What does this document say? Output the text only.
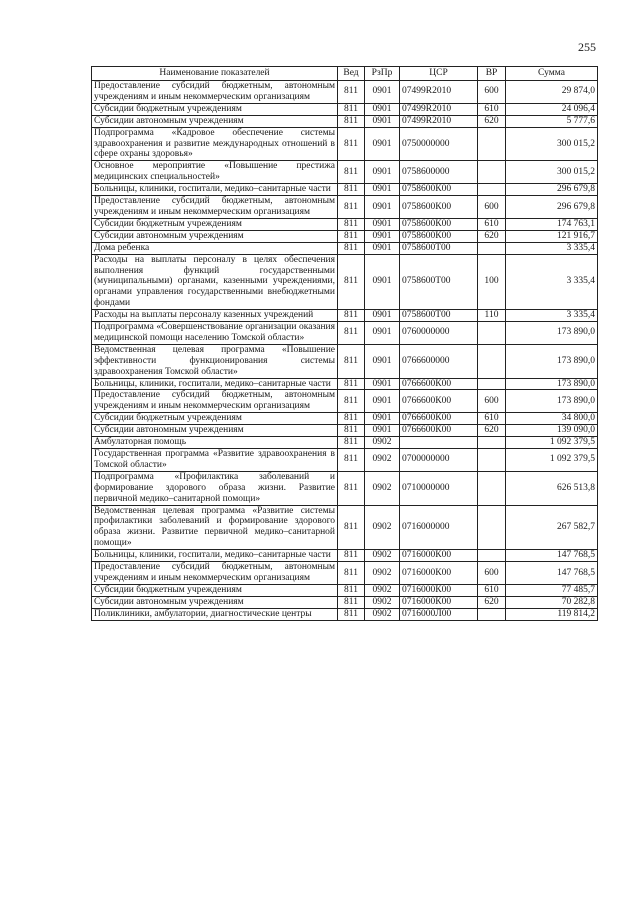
255
Наименование показателей	Вед	РзПр	ЦСР	ВР	Сумма
Предоставление субсидий бюджетным, автономным учреждениям и иным некоммерческим организациям	811	0901	07499R2010	600	29 874,0
Субсидии бюджетным учреждениям	811	0901	07499R2010	610	24 096,4
Субсидии автономным учреждениям	811	0901	07499R2010	620	5 777,6
Подпрограмма «Кадровое обеспечение системы здравоохранения и развитие международных отношений в сфере охраны здоровья»	811	0901	0750000000		300 015,2
Основное мероприятие «Повышение престижа медицинских специальностей»	811	0901	0758600000		300 015,2
Больницы, клиники, госпитали, медико–санитарные части	811	0901	0758600К00		296 679,8
Предоставление субсидий бюджетным, автономным учреждениям и иным некоммерческим организациям	811	0901	0758600К00	600	296 679,8
Субсидии бюджетным учреждениям	811	0901	0758600К00	610	174 763,1
Субсидии автономным учреждениям	811	0901	0758600К00	620	121 916,7
Дома ребенка	811	0901	0758600Т00		3 335,4
Расходы на выплаты персоналу в целях обеспечения выполнения функций государственными (муниципальными) органами, казенными учреждениями, органами управления государственными внебюджетными фондами	811	0901	0758600Т00	100	3 335,4
Расходы на выплаты персоналу казенных учреждений	811	0901	0758600Т00	110	3 335,4
Подпрограмма «Совершенствование организации оказания медицинской помощи населению Томской области»	811	0901	0760000000		173 890,0
Ведомственная целевая программа «Повышение эффективности функционирования системы здравоохранения Томской области»	811	0901	0766600000		173 890,0
Больницы, клиники, госпитали, медико–санитарные части	811	0901	0766600К00		173 890,0
Предоставление субсидий бюджетным, автономным учреждениям и иным некоммерческим организациям	811	0901	0766600К00	600	173 890,0
Субсидии бюджетным учреждениям	811	0901	0766600К00	610	34 800,0
Субсидии автономным учреждениям	811	0901	0766600К00	620	139 090,0
Амбулаторная помощь	811	0902			1 092 379,5
Государственная программа «Развитие здравоохранения в Томской области»	811	0902	0700000000		1 092 379,5
Подпрограмма «Профилактика заболеваний и формирование здорового образа жизни. Развитие первичной медико–санитарной помощи»	811	0902	0710000000		626 513,8
Ведомственная целевая программа «Развитие системы профилактики заболеваний и формирование здорового образа жизни. Развитие первичной медико–санитарной помощи»	811	0902	0716000000		267 582,7
Больницы, клиники, госпитали, медико–санитарные части	811	0902	0716000К00		147 768,5
Предоставление субсидий бюджетным, автономным учреждениям и иным некоммерческим организациям	811	0902	0716000К00	600	147 768,5
Субсидии бюджетным учреждениям	811	0902	0716000К00	610	77 485,7
Субсидии автономным учреждениям	811	0902	0716000К00	620	70 282,8
Поликлиники, амбулатории, диагностические центры	811	0902	0716000Л00		119 814,2
